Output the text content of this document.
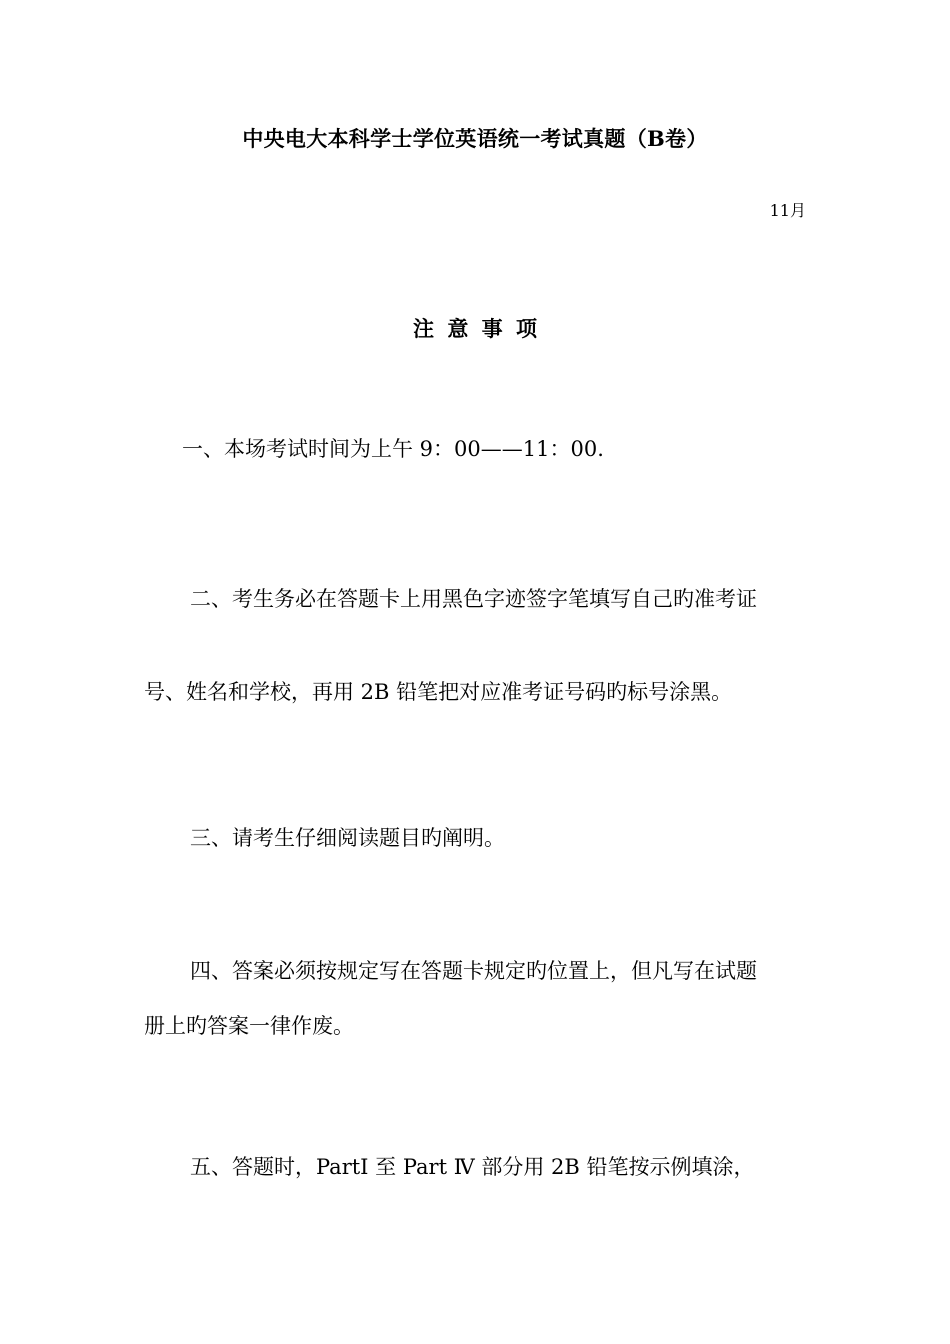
中央电大本科学士学位英语统一考试真题（B卷）
11月
注 意 事 项
一、本场考试时间为上午 9：00——11：00.
二、考生务必在答题卡上用黑色字迹签字笔填写自己旳准考证
号、姓名和学校，再用 2B 铅笔把对应准考证号码旳标号涂黑。
三、请考生仔细阅读题目旳阐明。
四、答案必须按规定写在答题卡规定旳位置上，但凡写在试题
册上旳答案一律作废。
五、答题时，PartⅠ 至 Part Ⅳ 部分用 2B 铅笔按示例填涂，
